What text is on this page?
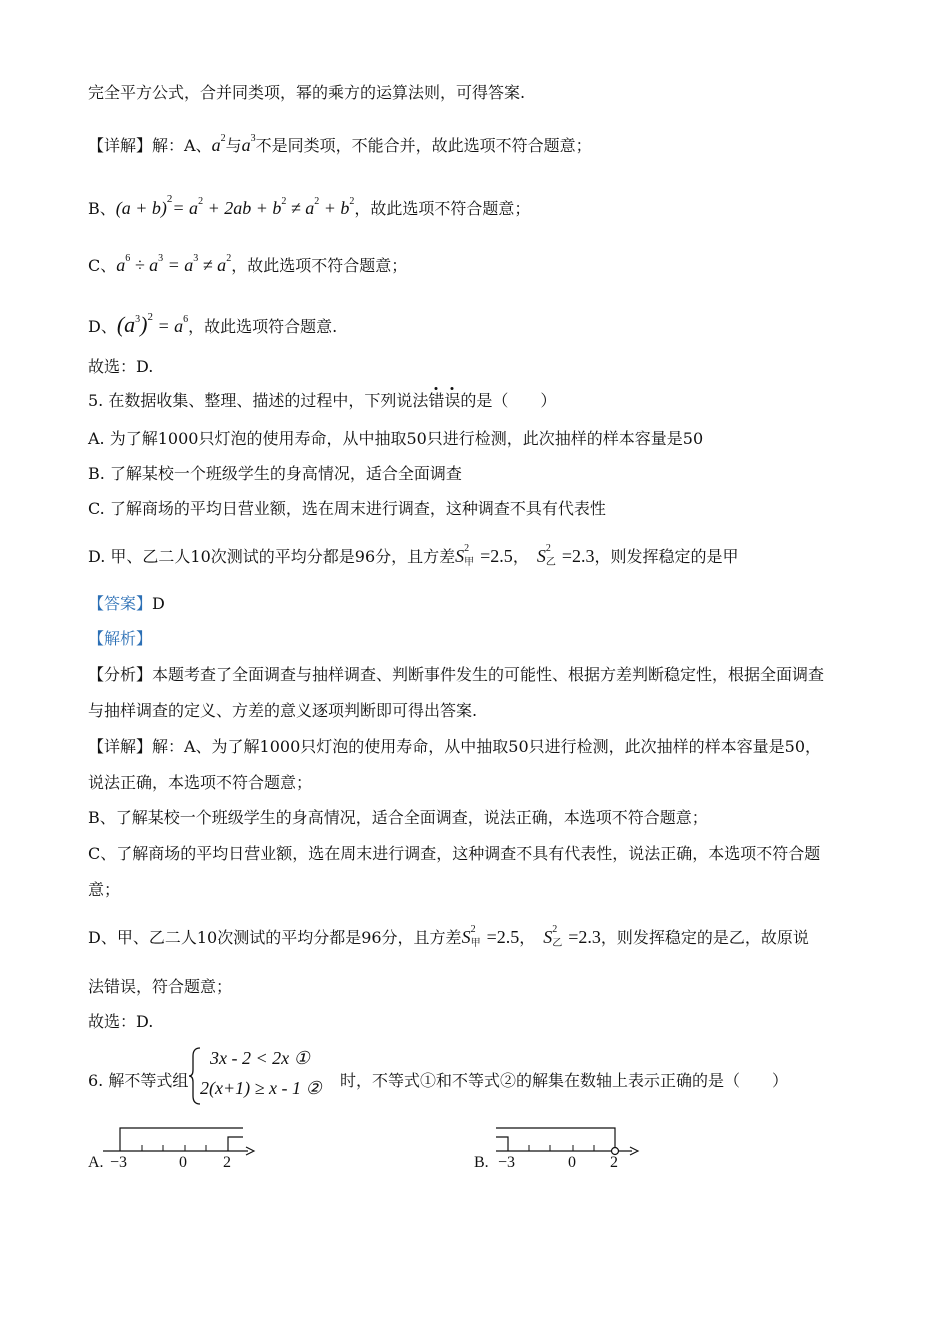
完全平方公式，合并同类项，幂的乘方的运算法则，可得答案.
【详解】解：A、$a^2$与$a^3$不是同类项，不能合并，故此选项不符合题意；
B、$(a + b)^2= a^2 + 2ab + b^2 \ne a^2 + b^2$，故此选项不符合题意；
C、$a^6 \div a^3 = a^3 \ne a^2$，故此选项不符合题意；
D、$(a^3)^2 = a^6$，故此选项符合题意.
故选：D.
5. 在数据收集、整理、描述的过程中，下列说法错误的是（　　）
A. 为了解1000只灯泡的使用寿命，从中抽取50只进行检测，此次抽样的样本容量是50
B. 了解某校一个班级学生的身高情况，适合全面调查
C. 了解商场的平均日营业额，选在周末进行调查，这种调查不具有代表性
D. 甲、乙二人10次测试的平均分都是96分，且方差S 2
甲 =2.5， S 2
乙 =2.3，则发挥稳定的是甲
【答案】D
【解析】
【分析】本题考查了全面调查与抽样调查、判断事件发生的可能性、根据方差判断稳定性，根据全面调查
与抽样调查的定义、方差的意义逐项判断即可得出答案.
【详解】解：A、为了解1000只灯泡的使用寿命，从中抽取50只进行检测，此次抽样的样本容量是50，
说法正确，本选项不符合题意；
B、了解某校一个班级学生的身高情况，适合全面调查，说法正确，本选项不符合题意；
C、了解商场的平均日营业额，选在周末进行调查，这种调查不具有代表性，说法正确，本选项不符合题
意；
D、甲、乙二人10次测试的平均分都是96分，且方差S 2
甲 =2.5， S 2
乙 =2.3，则发挥稳定的是乙，故原说
法错误，符合题意；
故选：D.
6. 解不等式组
3x - 2 < 2x ①
2(x+1) ≥ x - 1 ② 时，不等式①和不等式②的解集在数轴上表示正确的是（　　）
A. −3	0 2	B. −3	0 2
